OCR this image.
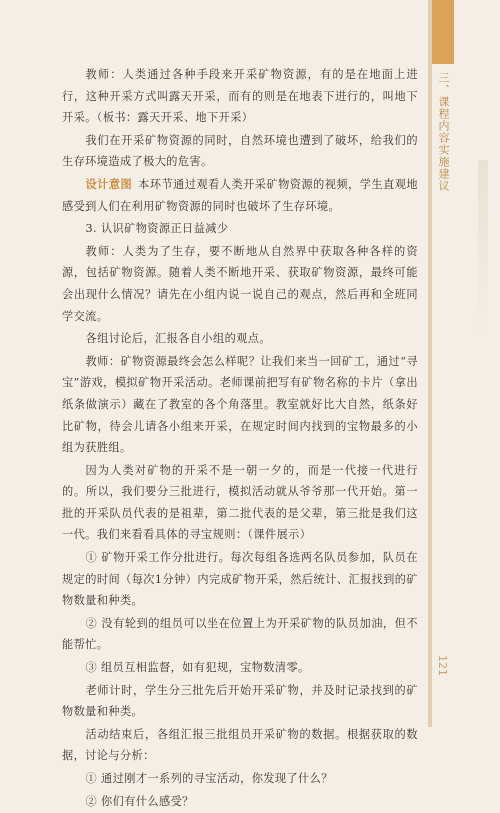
三、课程内容实施建议
121

教师：人类通过各种手段来开采矿物资源，有的是在地面上进行，这种开采方式叫露天开采，而有的则是在地表下进行的，叫地下开采。（板书：露天开采、地下开采）

我们在开采矿物资源的同时，自然环境也遭到了破坏，给我们的生存环境造成了极大的危害。

设计意图 本环节通过观看人类开采矿物资源的视频，学生直观地感受到人们在利用矿物资源的同时也破坏了生存环境。

3. 认识矿物资源正日益减少

教师：人类为了生存，要不断地从自然界中获取各种各样的资源，包括矿物资源。随着人类不断地开采、获取矿物资源，最终可能会出现什么情况？请先在小组内说一说自己的观点，然后再和全班同学交流。

各组讨论后，汇报各自小组的观点。

教师：矿物资源最终会怎么样呢？让我们来当一回矿工，通过“寻宝”游戏，模拟矿物开采活动。老师课前把写有矿物名称的卡片（拿出纸条做演示）藏在了教室的各个角落里。教室就好比大自然，纸条好比矿物，待会儿请各小组来开采，在规定时间内找到的宝物最多的小组为获胜组。

因为人类对矿物的开采不是一朝一夕的，而是一代接一代进行的。所以，我们要分三批进行，模拟活动就从爷爷那一代开始。第一批的开采队员代表的是祖辈，第二批代表的是父辈，第三批是我们这一代。我们来看看具体的寻宝规则：（课件展示）

① 矿物开采工作分批进行。每次每组各选两名队员参加，队员在规定的时间（每次1分钟）内完成矿物开采，然后统计、汇报找到的矿物数量和种类。

② 没有轮到的组员可以坐在位置上为开采矿物的队员加油，但不能帮忙。

③ 组员互相监督，如有犯规，宝物数清零。

老师计时，学生分三批先后开始开采矿物，并及时记录找到的矿物数量和种类。

活动结束后，各组汇报三批组员开采矿物的数据。根据获取的数据，讨论与分析：

① 通过刚才一系列的寻宝活动，你发现了什么？

② 你们有什么感受？
